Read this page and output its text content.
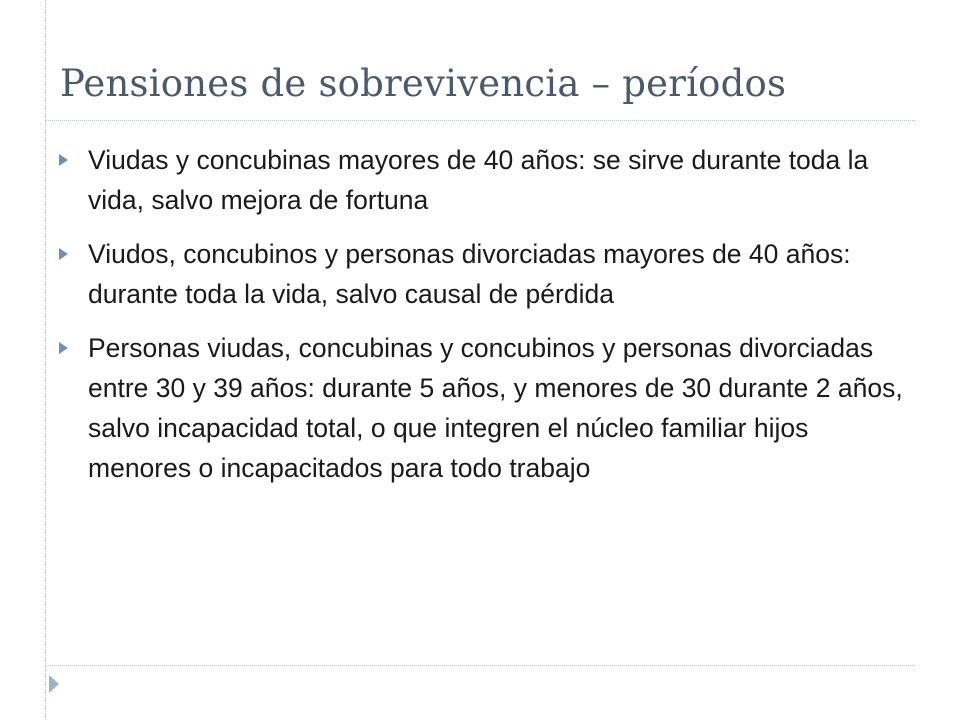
Pensiones de sobrevivencia – períodos
Viudas y concubinas mayores de 40 años: se sirve durante toda la vida, salvo mejora de fortuna
Viudos, concubinos y personas divorciadas mayores de 40 años: durante toda la vida, salvo causal de pérdida
Personas viudas, concubinas y concubinos y personas divorciadas entre 30 y 39 años: durante 5 años, y menores de 30 durante 2 años, salvo incapacidad total, o que integren el núcleo familiar hijos menores o incapacitados para todo trabajo
